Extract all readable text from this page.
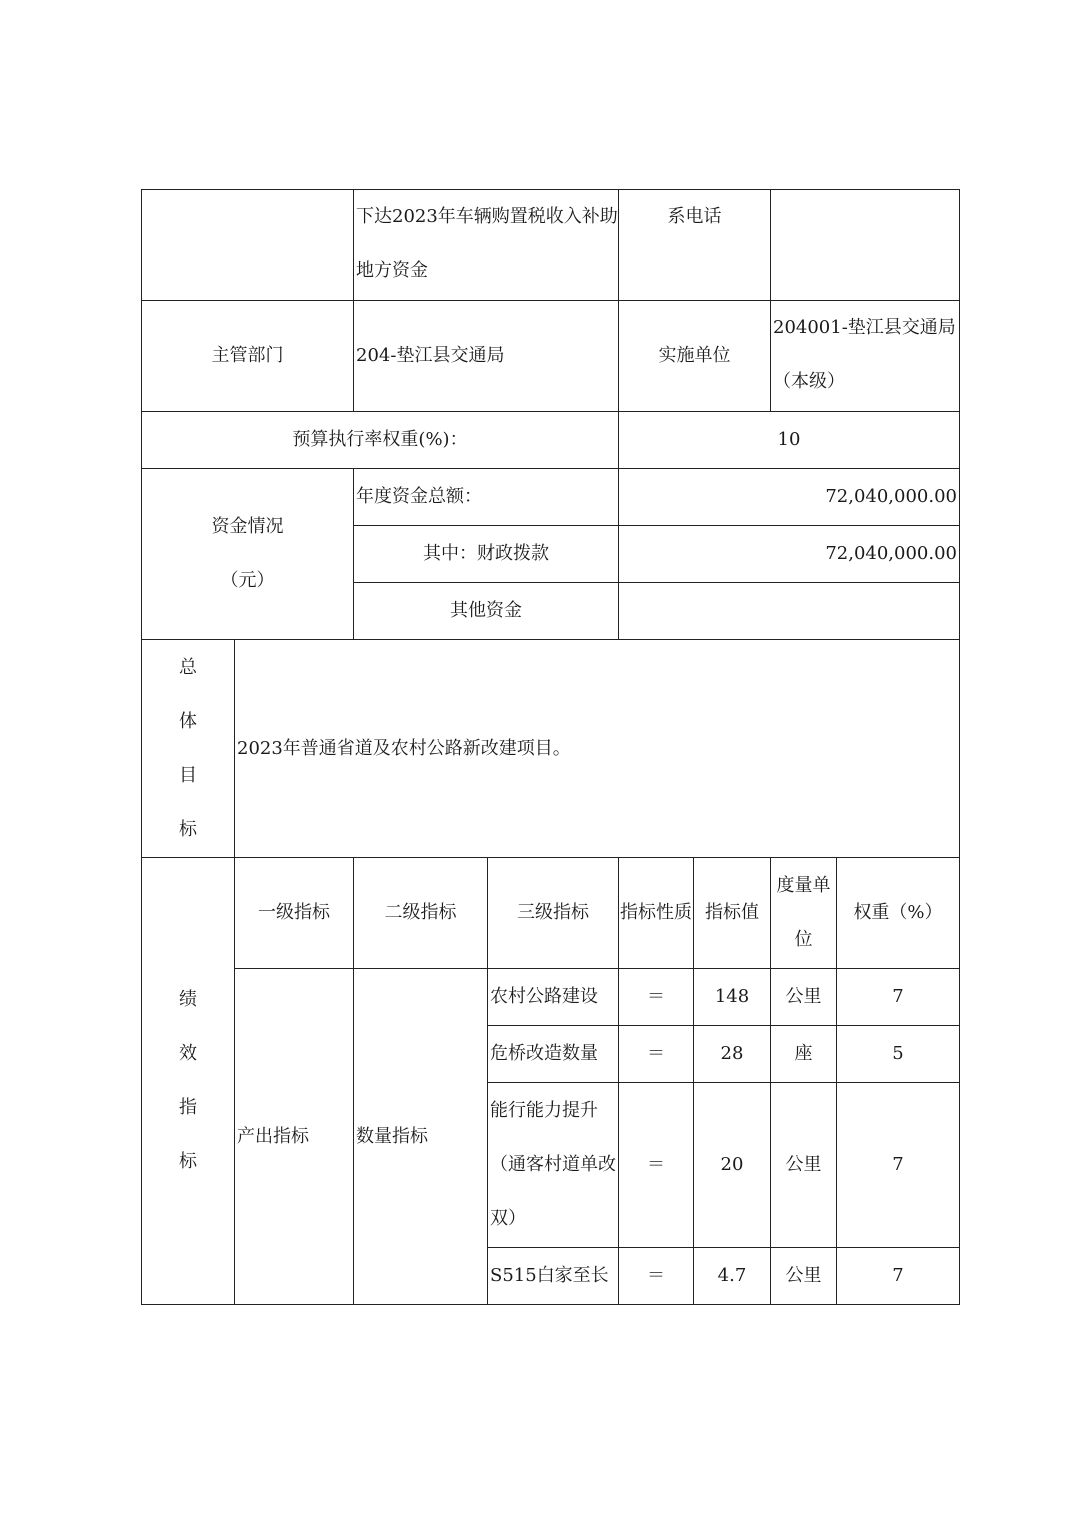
		下达2023年车辆购置税收入补助地方资金		系电话			
主管部门		204-垫江县交通局		实施单位		204001-垫江县交通局（本级）	
预算执行率权重(%)：				10			

资金情况
（元）		年度资金总额：		72,040,000.00			
		其中：财政拨款		72,040,000.00			
		其他资金					

总
体
目
标	2023年普通省道及农村公路新改建项目。						

绩
效
指
标	一级指标	二级指标	三级指标	指标性质	指标值	度量单位	权重（%）
	产出指标	数量指标	农村公路建设	＝	148	公里	7
			危桥改造数量	＝	28	座	5
			能行能力提升（通客村道单改双）	＝	20	公里	7
			S515白家至长	＝	4.7	公里	7
